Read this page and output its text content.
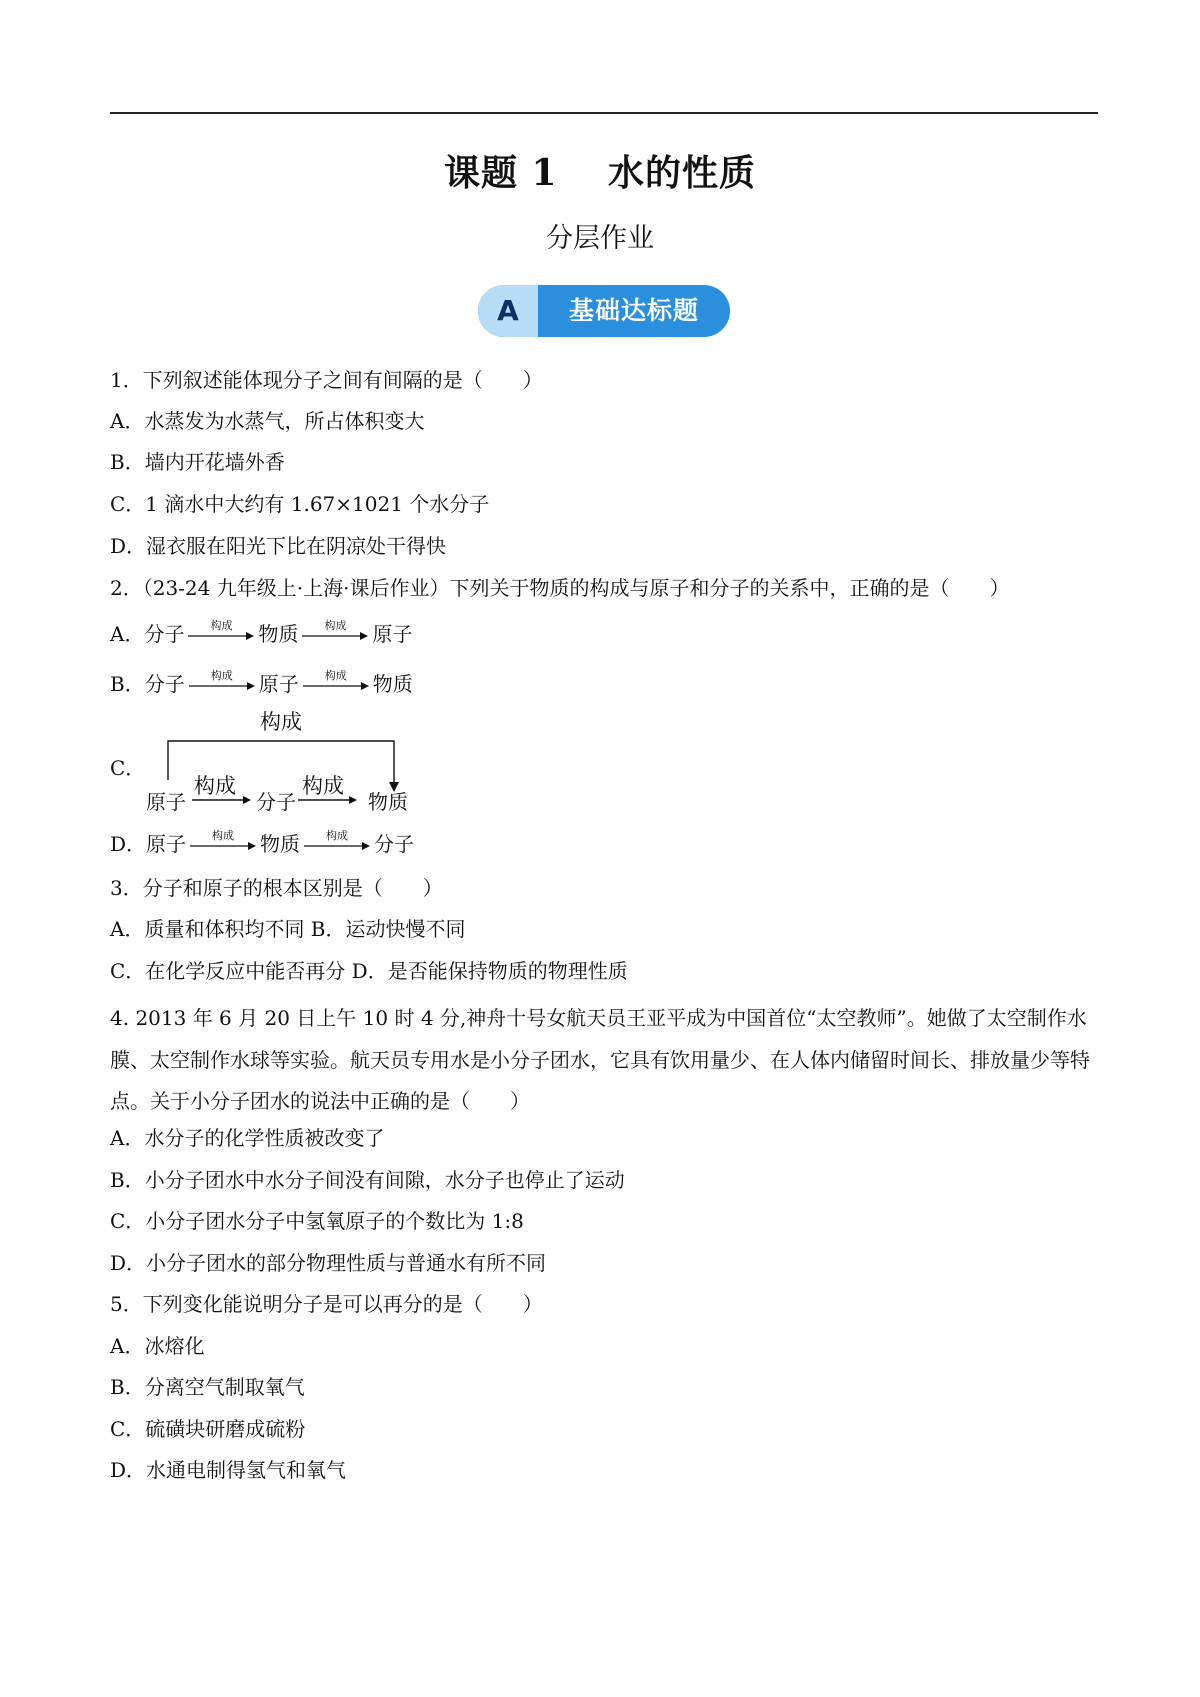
课题 1　 水的性质
分层作业
A	基础达标题
1．下列叙述能体现分子之间有间隔的是（　　）
A．水蒸发为水蒸气，所占体积变大
B．墙内开花墙外香
C．1 滴水中大约有 1.67×1021 个水分子
D．湿衣服在阳光下比在阴凉处干得快
2．（23-24 九年级上·上海·课后作业）下列关于物质的构成与原子和分子的关系中，正确的是（　　）
A． 分子 构成 物质 构成 原子
B． 分子 构成 原子 构成 物质
构成
C．
原子
构成
分子
构成
物质
D． 原子 构成 物质 构成 分子
3．分子和原子的根本区别是（　　）
A．质量和体积均不同 B．运动快慢不同
C．在化学反应中能否再分 D．是否能保持物质的物理性质
4. 2013 年 6 月 20 日上午 10 时 4 分,神舟十号女航天员王亚平成为中国首位“太空教师”。她做了太空制作水膜、太空制作水球等实验。航天员专用水是小分子团水，它具有饮用量少、在人体内储留时间长、排放量少等特点。关于小分子团水的说法中正确的是（　　）
A．水分子的化学性质被改变了
B．小分子团水中水分子间没有间隙，水分子也停止了运动
C．小分子团水分子中氢氧原子的个数比为 1:8
D．小分子团水的部分物理性质与普通水有所不同
5．下列变化能说明分子是可以再分的是（　　）
A．冰熔化
B．分离空气制取氧气
C．硫磺块研磨成硫粉
D．水通电制得氢气和氧气
